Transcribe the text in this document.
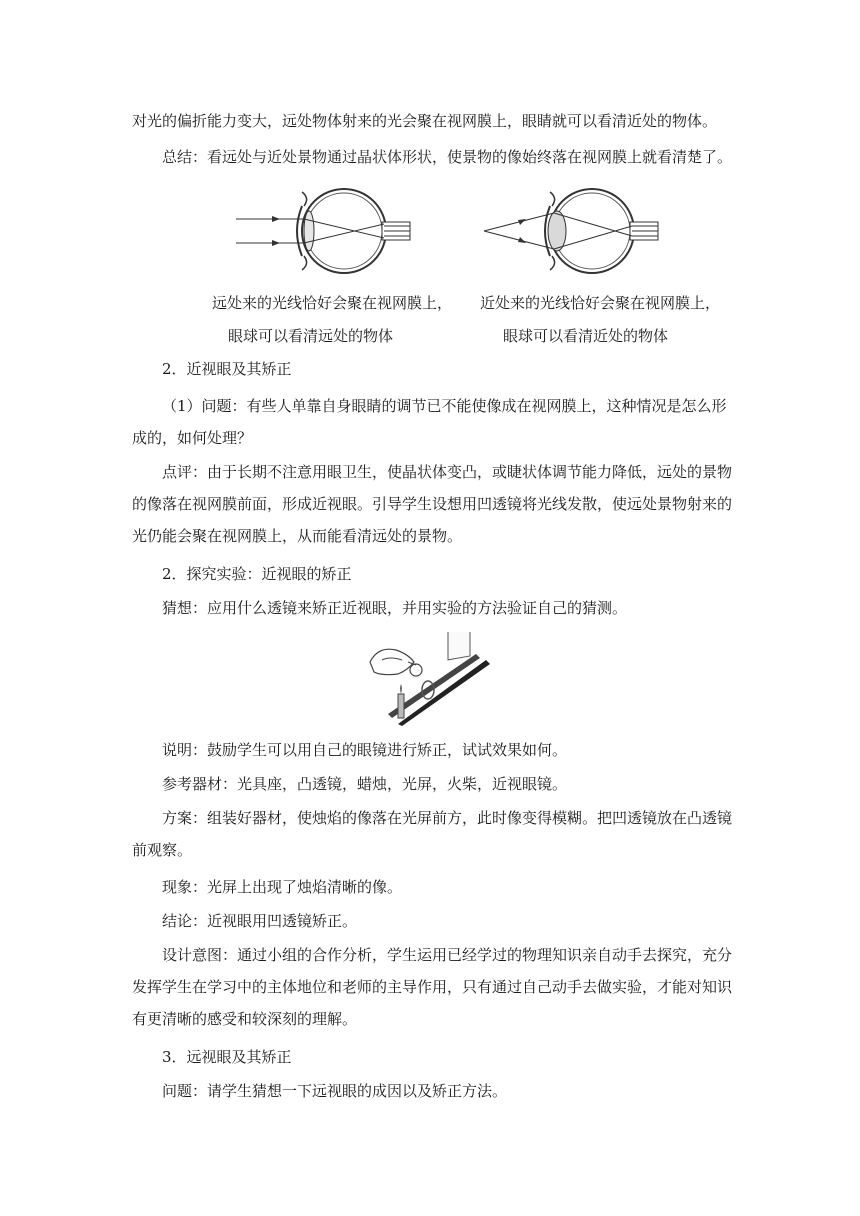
对光的偏折能力变大，远处物体射来的光会聚在视网膜上，眼睛就可以看清近处的物体。
总结：看远处与近处景物通过晶状体形状，使景物的像始终落在视网膜上就看清楚了。
远处来的光线恰好会聚在视网膜上，
眼球可以看清远处的物体
近处来的光线恰好会聚在视网膜上，
眼球可以看清近处的物体
2．近视眼及其矫正

（1）问题：有些人单靠自身眼睛的调节已不能使像成在视网膜上，这种情况是怎么形成的，如何处理？

点评：由于长期不注意用眼卫生，使晶状体变凸，或睫状体调节能力降低，远处的景物的像落在视网膜前面，形成近视眼。引导学生设想用凹透镜将光线发散，使远处景物射来的光仍能会聚在视网膜上，从而能看清远处的景物。

2．探究实验：近视眼的矫正
猜想：应用什么透镜来矫正近视眼，并用实验的方法验证自己的猜测。
说明：鼓励学生可以用自己的眼镜进行矫正，试试效果如何。
参考器材：光具座，凸透镜，蜡烛，光屏，火柴，近视眼镜。

方案：组装好器材，使烛焰的像落在光屏前方，此时像变得模糊。把凹透镜放在凸透镜前观察。

现象：光屏上出现了烛焰清晰的像。
结论：近视眼用凹透镜矫正。

设计意图：通过小组的合作分析，学生运用已经学过的物理知识亲自动手去探究，充分发挥学生在学习中的主体地位和老师的主导作用，只有通过自己动手去做实验，才能对知识有更清晰的感受和较深刻的理解。

3．远视眼及其矫正
问题：请学生猜想一下远视眼的成因以及矫正方法。
